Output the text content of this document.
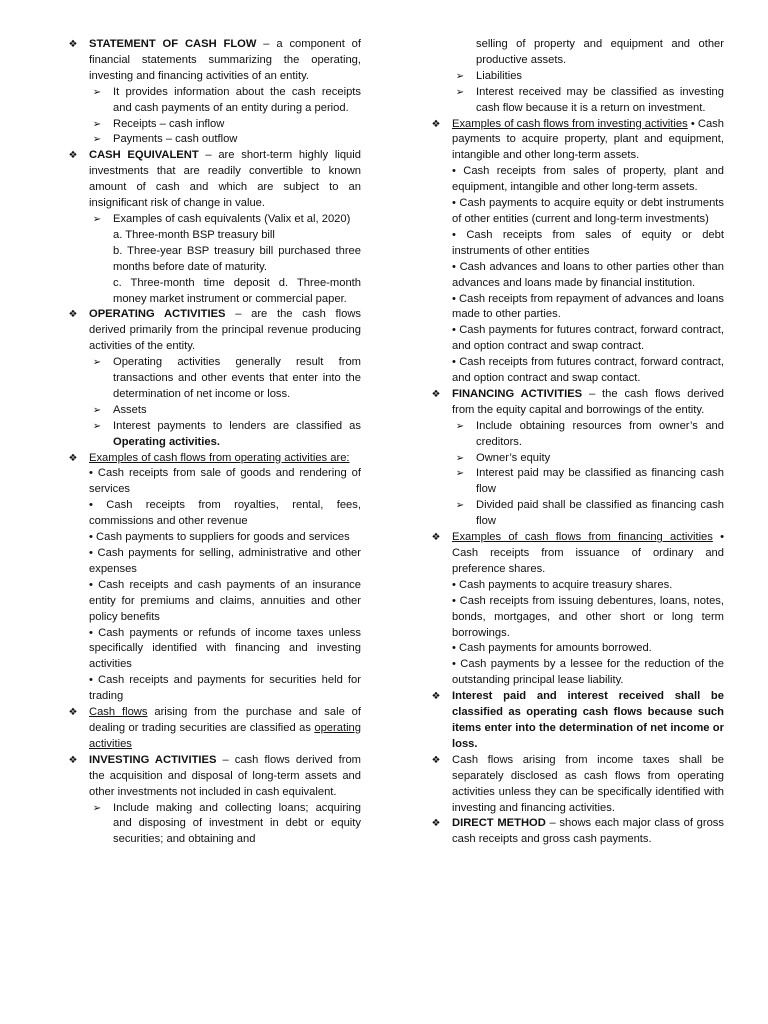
❖ STATEMENT OF CASH FLOW – a component of financial statements summarizing the operating, investing and financing activities of an entity.
➢ It provides information about the cash receipts and cash payments of an entity during a period.
➢ Receipts – cash inflow
➢ Payments – cash outflow
❖ CASH EQUIVALENT – are short-term highly liquid investments that are readily convertible to known amount of cash and which are subject to an insignificant risk of change in value.
➢ Examples of cash equivalents (Valix et al, 2020)
a. Three-month BSP treasury bill
b. Three-year BSP treasury bill purchased three months before date of maturity.
c. Three-month time deposit d. Three-month money market instrument or commercial paper.
❖ OPERATING ACTIVITIES – are the cash flows derived primarily from the principal revenue producing activities of the entity.
➢ Operating activities generally result from transactions and other events that enter into the determination of net income or loss.
➢ Assets
➢ Interest payments to lenders are classified as Operating activities.
❖ Examples of cash flows from operating activities are:
• Cash receipts from sale of goods and rendering of services
• Cash receipts from royalties, rental, fees, commissions and other revenue
• Cash payments to suppliers for goods and services
• Cash payments for selling, administrative and other expenses
• Cash receipts and cash payments of an insurance entity for premiums and claims, annuities and other policy benefits
• Cash payments or refunds of income taxes unless specifically identified with financing and investing activities
• Cash receipts and payments for securities held for trading
❖ Cash flows arising from the purchase and sale of dealing or trading securities are classified as operating activities
❖ INVESTING ACTIVITIES – cash flows derived from the acquisition and disposal of long-term assets and other investments not included in cash equivalent.
➢ Include making and collecting loans; acquiring and disposing of investment in debt or equity securities; and obtaining and
selling of property and equipment and other productive assets.
➢ Liabilities
➢ Interest received may be classified as investing cash flow because it is a return on investment.
❖ Examples of cash flows from investing activities • Cash payments to acquire property, plant and equipment, intangible and other long-term assets.
• Cash receipts from sales of property, plant and equipment, intangible and other long-term assets.
• Cash payments to acquire equity or debt instruments of other entities (current and long-term investments)
• Cash receipts from sales of equity or debt instruments of other entities
• Cash advances and loans to other parties other than advances and loans made by financial institution.
• Cash receipts from repayment of advances and loans made to other parties.
• Cash payments for futures contract, forward contract, and option contract and swap contract.
• Cash receipts from futures contract, forward contract, and option contract and swap contact.
❖ FINANCING ACTIVITIES – the cash flows derived from the equity capital and borrowings of the entity.
➢ Include obtaining resources from owner’s and creditors.
➢ Owner’s equity
➢ Interest paid may be classified as financing cash flow
➢ Divided paid shall be classified as financing cash flow
❖ Examples of cash flows from financing activities • Cash receipts from issuance of ordinary and preference shares.
• Cash payments to acquire treasury shares.
• Cash receipts from issuing debentures, loans, notes, bonds, mortgages, and other short or long term borrowings.
• Cash payments for amounts borrowed.
• Cash payments by a lessee for the reduction of the outstanding principal lease liability.
❖ Interest paid and interest received shall be classified as operating cash flows because such items enter into the determination of net income or loss.
❖ Cash flows arising from income taxes shall be separately disclosed as cash flows from operating activities unless they can be specifically identified with investing and financing activities.
❖ DIRECT METHOD – shows each major class of gross cash receipts and gross cash payments.
